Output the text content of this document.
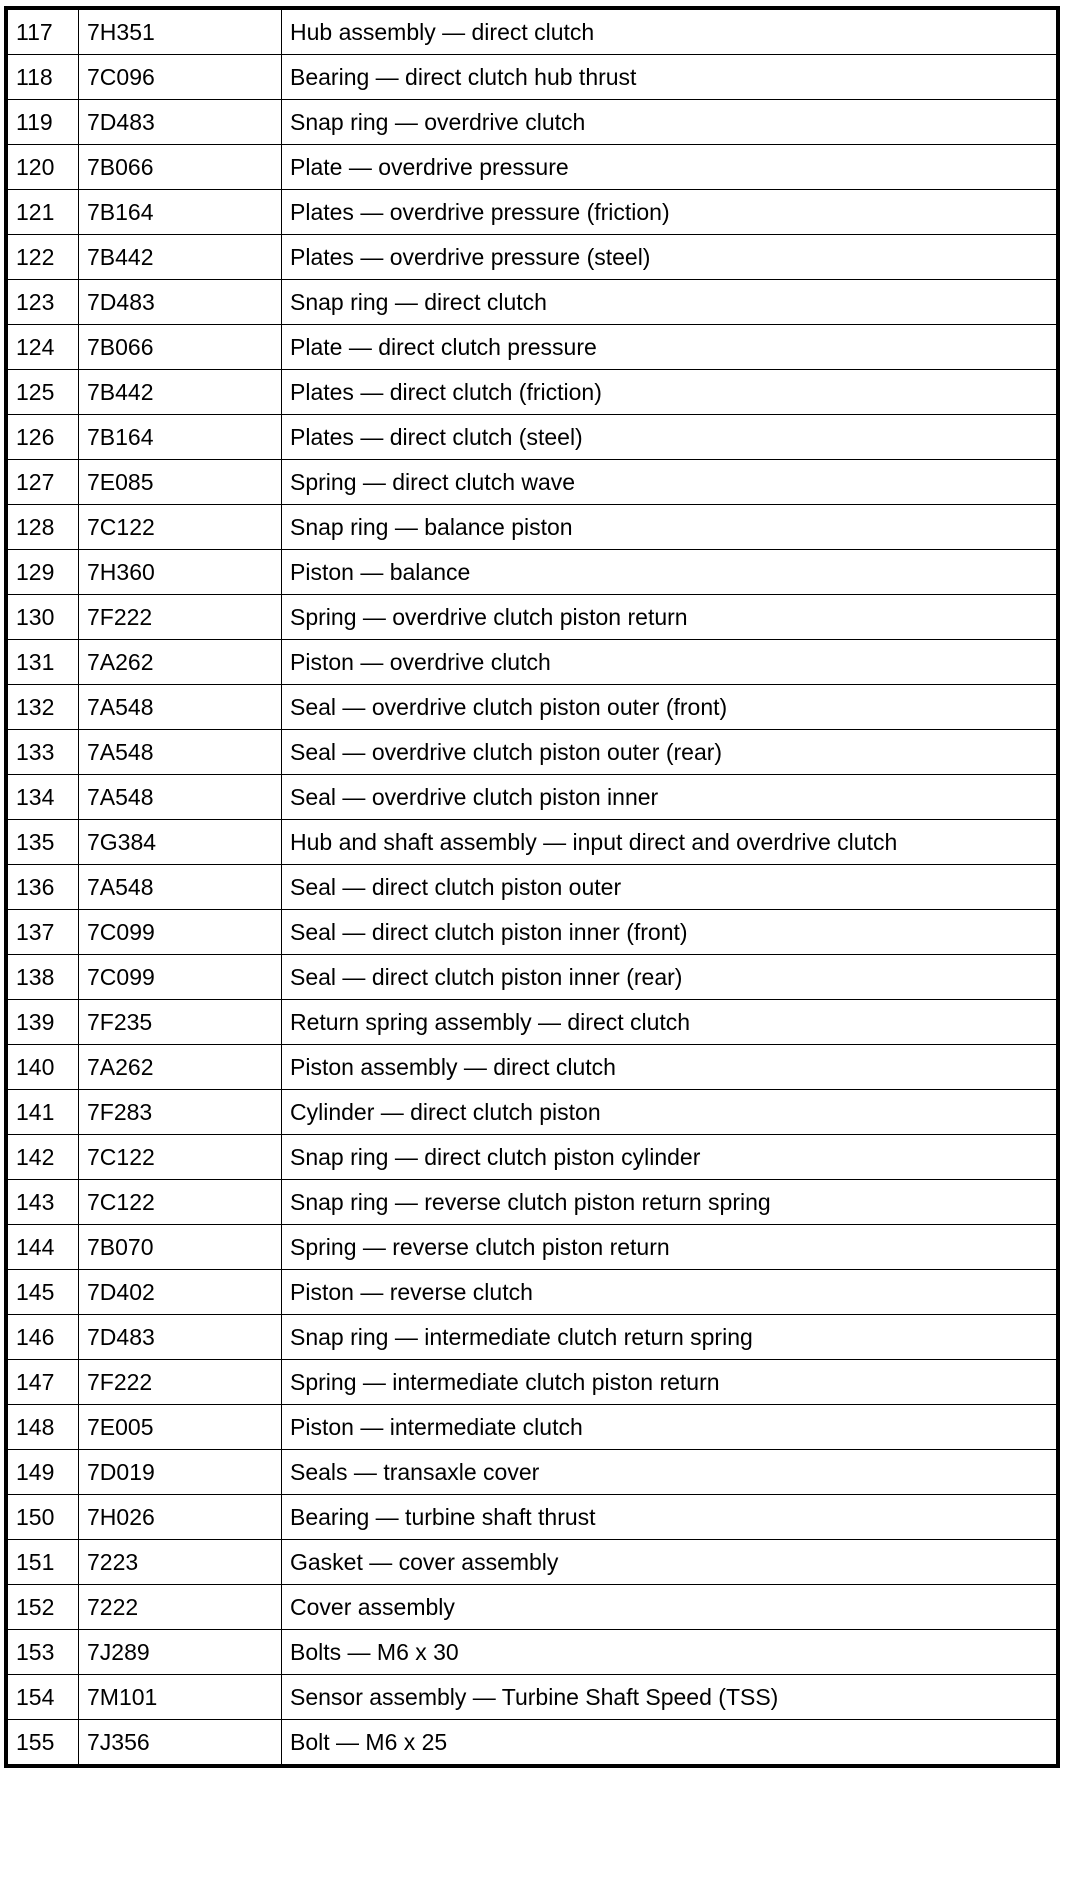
117	7H351	Hub assembly — direct clutch
118	7C096	Bearing — direct clutch hub thrust
119	7D483	Snap ring — overdrive clutch
120	7B066	Plate — overdrive pressure
121	7B164	Plates — overdrive pressure (friction)
122	7B442	Plates — overdrive pressure (steel)
123	7D483	Snap ring — direct clutch
124	7B066	Plate — direct clutch pressure
125	7B442	Plates — direct clutch (friction)
126	7B164	Plates — direct clutch (steel)
127	7E085	Spring — direct clutch wave
128	7C122	Snap ring — balance piston
129	7H360	Piston — balance
130	7F222	Spring — overdrive clutch piston return
131	7A262	Piston — overdrive clutch
132	7A548	Seal — overdrive clutch piston outer (front)
133	7A548	Seal — overdrive clutch piston outer (rear)
134	7A548	Seal — overdrive clutch piston inner
135	7G384	Hub and shaft assembly — input direct and overdrive clutch
136	7A548	Seal — direct clutch piston outer
137	7C099	Seal — direct clutch piston inner (front)
138	7C099	Seal — direct clutch piston inner (rear)
139	7F235	Return spring assembly — direct clutch
140	7A262	Piston assembly — direct clutch
141	7F283	Cylinder — direct clutch piston
142	7C122	Snap ring — direct clutch piston cylinder
143	7C122	Snap ring — reverse clutch piston return spring
144	7B070	Spring — reverse clutch piston return
145	7D402	Piston — reverse clutch
146	7D483	Snap ring — intermediate clutch return spring
147	7F222	Spring — intermediate clutch piston return
148	7E005	Piston — intermediate clutch
149	7D019	Seals — transaxle cover
150	7H026	Bearing — turbine shaft thrust
151	7223	Gasket — cover assembly
152	7222	Cover assembly
153	7J289	Bolts — M6 x 30
154	7M101	Sensor assembly — Turbine Shaft Speed (TSS)
155	7J356	Bolt — M6 x 25
